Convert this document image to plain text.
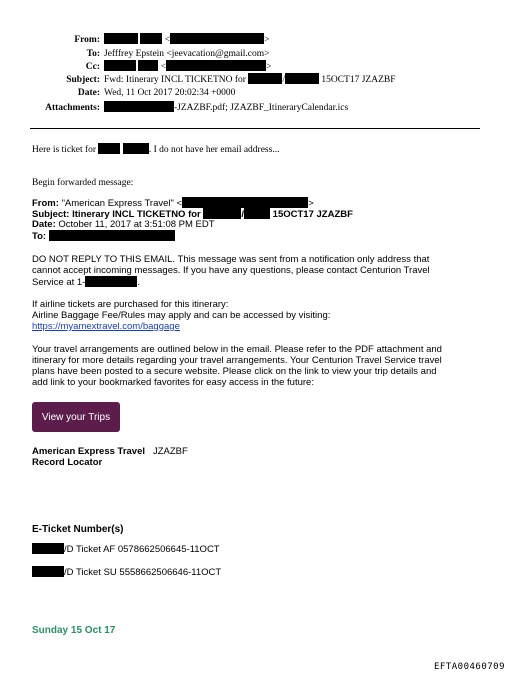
From:	<	>
To: Jefffrey Epstein <jeevacation@gmail.com>
Cc:	<	>
Subject: Fwd: Itinerary INCL TICKETNO for	/	15OCT17 JZAZBF
Date: Wed, 11 Oct 2017 20:02:34 +0000
Attachments:	-JZAZBF.pdf; JZAZBF_ItineraryCalendar.ics
Here is ticket for	. I do not have her email address...
Begin forwarded message:
From: "American Express Travel" <	>
Subject: Itinerary INCL TICKETNO for	/	15OCT17 JZAZBF
Date: October 11, 2017 at 3:51:08 PM EDT
To:
DO NOT REPLY TO THIS EMAIL. This message was sent from a notification only address that
cannot accept incoming messages. If you have any questions, please contact Centurion Travel
Service at 1-	.
If airline tickets are purchased for this itinerary:
Airline Baggage Fee/Rules may apply and can be accessed by visiting:
https://myamextravel.com/baggage
Your travel arrangements are outlined below in the email. Please refer to the PDF attachment and
itinerary for more details regarding your travel arrangements. Your Centurion Travel Service travel
plans have been posted to a secure website. Please click on the link to view your trip details and
add link to your bookmarked favorites for easy access in the future:
View your Trips
American Express Travel JZAZBF
Record Locator
E-Ticket Number(s)
/D Ticket AF 0578662506645-11OCT
/D Ticket SU 5558662506646-11OCT
Sunday 15 Oct 17
EFTA00460709
